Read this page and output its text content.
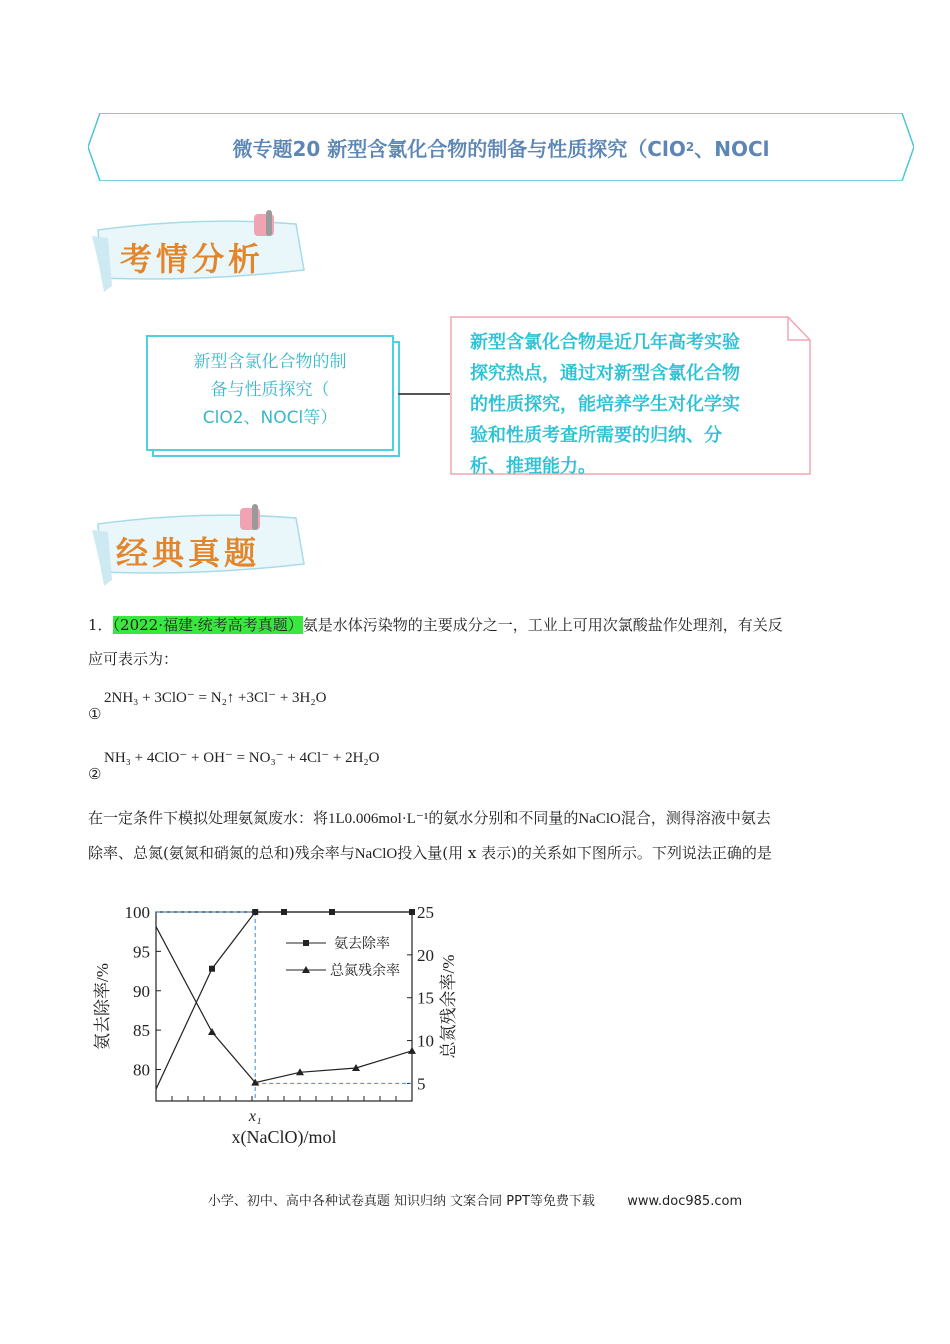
微专题20 新型含氯化合物的制备与性质探究（ClO 2 、NOCl
考情分析
新型含氯化合物的制
备与性质探究（
ClO2、NOCl等）
新型含氯化合物是近几年高考实验
探究热点，通过对新型含氯化合物
的性质探究，能培养学生对化学实
验和性质考查所需要的归纳、分
析、推理能力。
经典真题
1．（2022·福建·统考高考真题）氨是水体污染物的主要成分之一，工业上可用次氯酸盐作处理剂，有关反
应可表示为：
2NH₃ + 3ClO⁻ = N₂↑ +3Cl⁻ + 3H₂O
①
NH₃ + 4ClO⁻ + OH⁻ = NO₃⁻ + 4Cl⁻ + 2H₂O
②
在一定条件下模拟处理氨氮废水：将1L0.006mol·L⁻¹的氨水分别和不同量的NaClO混合，测得溶液中氨去
除率、总氮(氨氮和硝氮的总和)残余率与NaClO投入量(用 x 表示)的关系如下图所示。下列说法正确的是
80
85
90
95
100
5
10
15
20
25
氨去除率
总氮残余率
x₁
x(NaClO)/mol
氨去除率/%	总氮残余率/%
小学、初中、高中各种试卷真题 知识归纳 文案合同 PPT等免费下载 www.doc985.com
